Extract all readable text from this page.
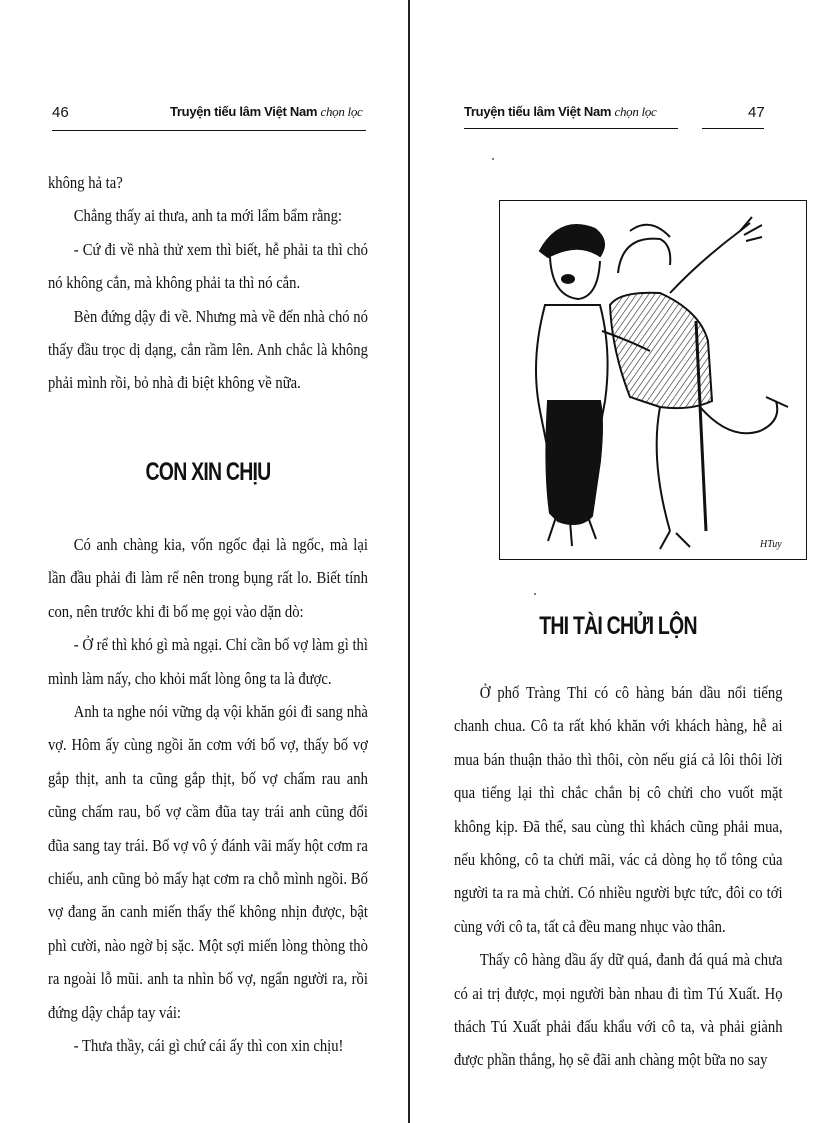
46	Truyện tiếu lâm Việt Nam chọn lọc

không hả ta?

Chẳng thấy ai thưa, anh ta mới lẩm bẩm rằng:

- Cứ đi về nhà thử xem thì biết, hễ phải ta thì chó nó không cắn, mà không phải ta thì nó cắn.

Bèn đứng dậy đi về. Nhưng mà về đến nhà chó nó thấy đầu trọc dị dạng, cắn rầm lên. Anh chắc là không phải mình rồi, bỏ nhà đi biệt không về nữa.

CON XIN CHỊU

Có anh chàng kia, vốn ngốc đại là ngốc, mà lại lần đầu phải đi làm rể nên trong bụng rất lo. Biết tính con, nên trước khi đi bố mẹ gọi vào dặn dò:

- Ở rể thì khó gì mà ngại. Chỉ cần bố vợ làm gì thì mình làm nấy, cho khỏi mất lòng ông ta là được.

Anh ta nghe nói vững dạ vội khăn gói đi sang nhà vợ. Hôm ấy cùng ngồi ăn cơm với bố vợ, thấy bố vợ gắp thịt, anh ta cũng gắp thịt, bố vợ chấm rau anh cũng chấm rau, bố vợ cầm đũa tay trái anh cũng đổi đũa sang tay trái. Bố vợ vô ý đánh vãi mấy hột cơm ra chiếu, anh cũng bỏ mấy hạt cơm ra chỗ mình ngồi. Bố vợ đang ăn canh miến thấy thế không nhịn được, bật phì cười, nào ngờ bị sặc. Một sợi miến lòng thòng thò ra ngoài lỗ mũi. anh ta nhìn bố vợ, ngẩn người ra, rồi đứng dậy chắp tay vái:

- Thưa thầy, cái gì chứ cái ấy thì con xin chịu!

Truyện tiếu lâm Việt Nam chọn lọc	47
HTuy
THI TÀI CHỬI LỘN

Ở phố Tràng Thi có cô hàng bán dầu nổi tiếng chanh chua. Cô ta rất khó khăn với khách hàng, hễ ai mua bán thuận thảo thì thôi, còn nếu giá cả lôi thôi lời qua tiếng lại thì chắc chắn bị cô chửi cho vuốt mặt không kịp. Đã thế, sau cùng thì khách cũng phải mua, nếu không, cô ta chửi mãi, vác cả dòng họ tổ tông của người ta ra mà chửi. Có nhiều người bực tức, đôi co tới cùng với cô ta, tất cả đều mang nhục vào thân.

Thấy cô hàng dầu ấy dữ quá, đanh đá quá mà chưa có ai trị được, mọi người bàn nhau đi tìm Tú Xuất. Họ thách Tú Xuất phải đấu khẩu với cô ta, và phải giành được phần thắng, họ sẽ đãi anh chàng một bữa no say
